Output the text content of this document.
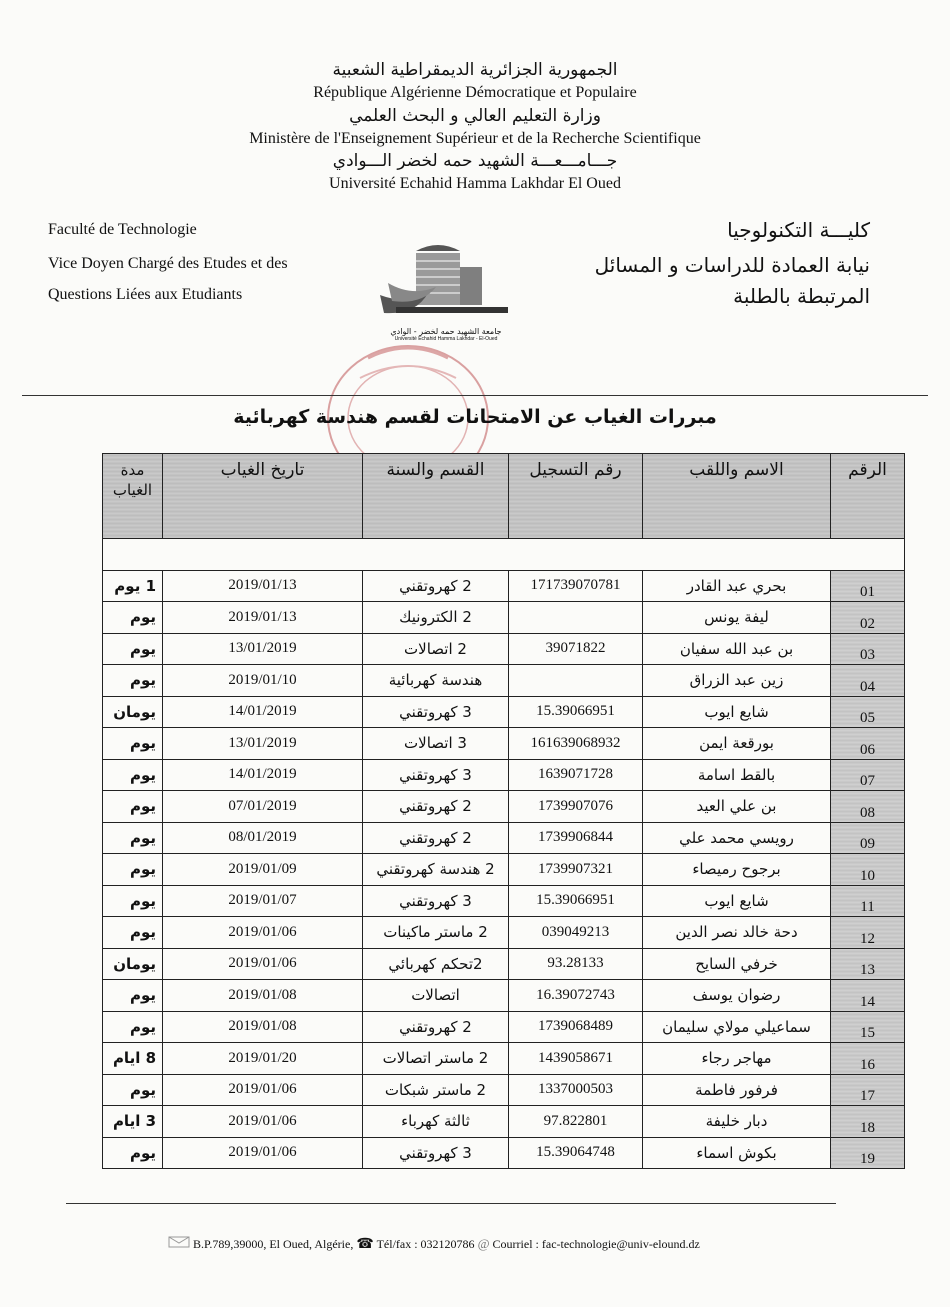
الجمهورية الجزائرية الديمقراطية الشعبية
République Algérienne Démocratique et Populaire
وزارة التعليم العالي و البحث العلمي
Ministère de l'Enseignement Supérieur et de la Recherche Scientifique
جـــامـــعـــة الشهيد حمه لخضر الـــوادي
Université Echahid Hamma Lakhdar El Oued
Faculté de Technologie
Vice Doyen Chargé des Etudes et des
Questions Liées aux Etudiants
كليـــة التكنولوجيا
نيابة العمادة للدراسات و المسائل
المرتبطة بالطلبة
جامعة الشهيد حمه لخضر - الوادي
Université Echahid Hamma Lakhdar - El-Oued
مبررات الغياب عن الامتحانات لقسم هندسة كهربائية
الرقم	الاسم واللقب	رقم التسجيل	القسم والسنة	تاريخ الغياب	مدة الغياب

01	بحري عبد القادر	171739070781	2 كهروتقني	2019/01/13	1 يوم
02	ليفة يونس		2 الكترونيك	2019/01/13	يوم
03	بن عبد الله سفيان	39071822	2 اتصالات	13/01/2019	يوم
04	زين عبد الزراق		هندسة كهربائية	2019/01/10	يوم
05	شايع ايوب	15.39066951	3 كهروتقني	14/01/2019	يومان
06	بورقعة ايمن	161639068932	3 اتصالات	13/01/2019	يوم
07	بالقط اسامة	1639071728	3 كهروتقني	14/01/2019	يوم
08	بن علي العيد	1739907076	2 كهروتقني	07/01/2019	يوم
09	رويسي محمد علي	1739906844	2 كهروتقني	08/01/2019	يوم
10	برجوح رميصاء	1739907321	2 هندسة كهروتقني	2019/01/09	يوم
11	شايع ايوب	15.39066951	3 كهروتقني	2019/01/07	يوم
12	دحة خالد نصر الدين	039049213	2 ماستر ماكينات	2019/01/06	يوم
13	خرفي السايح	93.28133	2تحكم كهربائي	2019/01/06	يومان
14	رضوان يوسف	16.39072743	اتصالات	2019/01/08	يوم
15	سماعيلي مولاي سليمان	1739068489	2 كهروتقني	2019/01/08	يوم
16	مهاجر رجاء	1439058671	2 ماستر اتصالات	2019/01/20	8 ايام
17	فرفور فاطمة	1337000503	2 ماستر شبكات	2019/01/06	يوم
18	دبار خليفة	97.822801	ثالثة كهرباء	2019/01/06	3 ايام
19	بكوش اسماء	15.39064748	3 كهروتقني	2019/01/06	يوم
B.P.789,39000, El Oued, Algérie, ☎ Tél/fax : 032120786 @ Courriel : fac-technologie@univ-elound.dz
